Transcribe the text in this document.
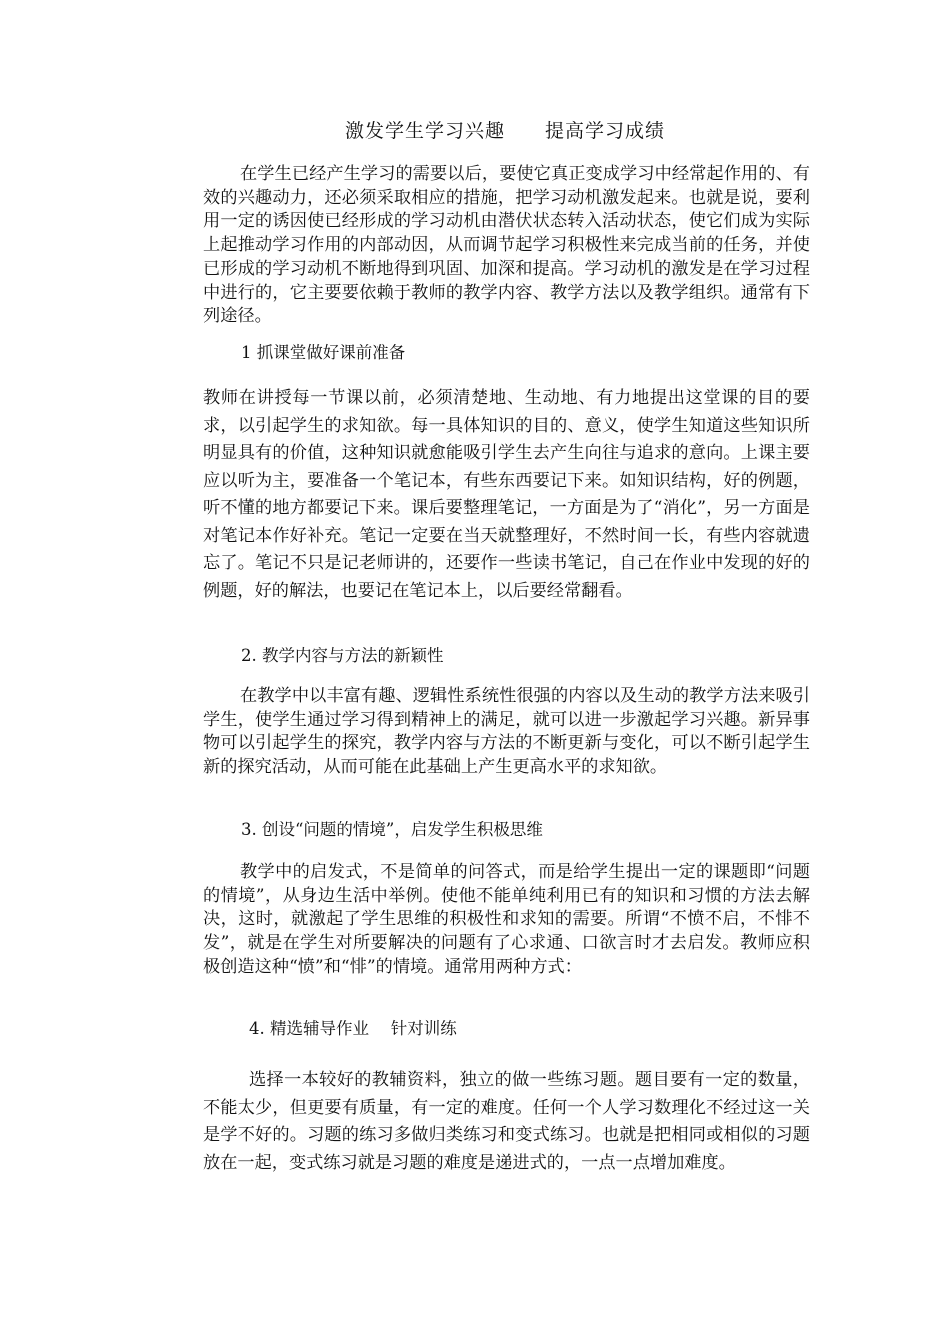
激发学生学习兴趣　　提高学习成绩

在学生已经产生学习的需要以后，要使它真正变成学习中经常起作用的、有效的兴趣动力，还必须采取相应的措施，把学习动机激发起来。也就是说，要利用一定的诱因使已经形成的学习动机由潜伏状态转入活动状态，使它们成为实际上起推动学习作用的内部动因，从而调节起学习积极性来完成当前的任务，并使已形成的学习动机不断地得到巩固、加深和提高。学习动机的激发是在学习过程中进行的，它主要要依赖于教师的教学内容、教学方法以及教学组织。通常有下列途径。

1 抓课堂做好课前准备

教师在讲授每一节课以前，必须清楚地、生动地、有力地提出这堂课的目的要求，以引起学生的求知欲。每一具体知识的目的、意义，使学生知道这些知识所明显具有的价值，这种知识就愈能吸引学生去产生向往与追求的意向。上课主要应以听为主，要准备一个笔记本，有些东西要记下来。如知识结构，好的例题，听不懂的地方都要记下来。课后要整理笔记，一方面是为了“消化”，另一方面是对笔记本作好补充。笔记一定要在当天就整理好，不然时间一长，有些内容就遗忘了。笔记不只是记老师讲的，还要作一些读书笔记，自己在作业中发现的好的例题，好的解法，也要记在笔记本上，以后要经常翻看。

2. 教学内容与方法的新颖性

在教学中以丰富有趣、逻辑性系统性很强的内容以及生动的教学方法来吸引学生，使学生通过学习得到精神上的满足，就可以进一步激起学习兴趣。新异事物可以引起学生的探究，教学内容与方法的不断更新与变化，可以不断引起学生新的探究活动，从而可能在此基础上产生更高水平的求知欲。

3. 创设“问题的情境”，启发学生积极思维

教学中的启发式，不是简单的问答式，而是给学生提出一定的课题即“问题的情境”，从身边生活中举例。使他不能单纯利用已有的知识和习惯的方法去解决，这时，就激起了学生思维的积极性和求知的需要。所谓“不愤不启，不悱不发”，就是在学生对所要解决的问题有了心求通、口欲言时才去启发。教师应积极创造这种“愤”和“悱”的情境。通常用两种方式：

4. 精选辅导作业　 针对训练

选择一本较好的教辅资料，独立的做一些练习题。题目要有一定的数量，不能太少，但更要有质量，有一定的难度。任何一个人学习数理化不经过这一关是学不好的。习题的练习多做归类练习和变式练习。也就是把相同或相似的习题放在一起，变式练习就是习题的难度是递进式的，一点一点增加难度。
